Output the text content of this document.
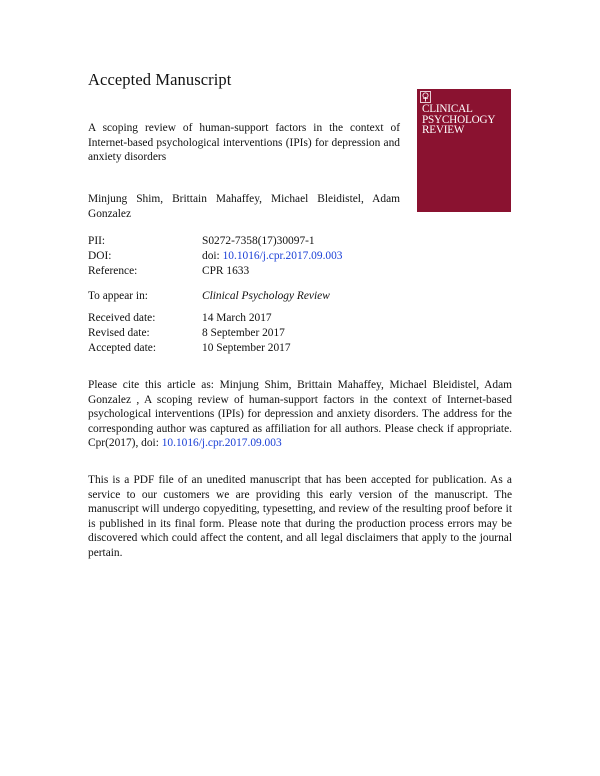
Accepted Manuscript
A scoping review of human-support factors in the context of Internet-based psychological interventions (IPIs) for depression and anxiety disorders
Minjung Shim, Brittain Mahaffey, Michael Bleidistel, Adam Gonzalez
CLINICAL
PSYCHOLOGY
REVIEW
PII:	S0272-7358(17)30097-1
DOI:	doi: 10.1016/j.cpr.2017.09.003
Reference:	CPR 1633
To appear in:	Clinical Psychology Review
Received date:	14 March 2017
Revised date:	8 September 2017
Accepted date:	10 September 2017
Please cite this article as: Minjung Shim, Brittain Mahaffey, Michael Bleidistel, Adam Gonzalez , A scoping review of human-support factors in the context of Internet-based psychological interventions (IPIs) for depression and anxiety disorders. The address for the corresponding author was captured as affiliation for all authors. Please check if appropriate. Cpr(2017), doi: 10.1016/j.cpr.2017.09.003
This is a PDF file of an unedited manuscript that has been accepted for publication. As a service to our customers we are providing this early version of the manuscript. The manuscript will undergo copyediting, typesetting, and review of the resulting proof before it is published in its final form. Please note that during the production process errors may be discovered which could affect the content, and all legal disclaimers that apply to the journal pertain.
